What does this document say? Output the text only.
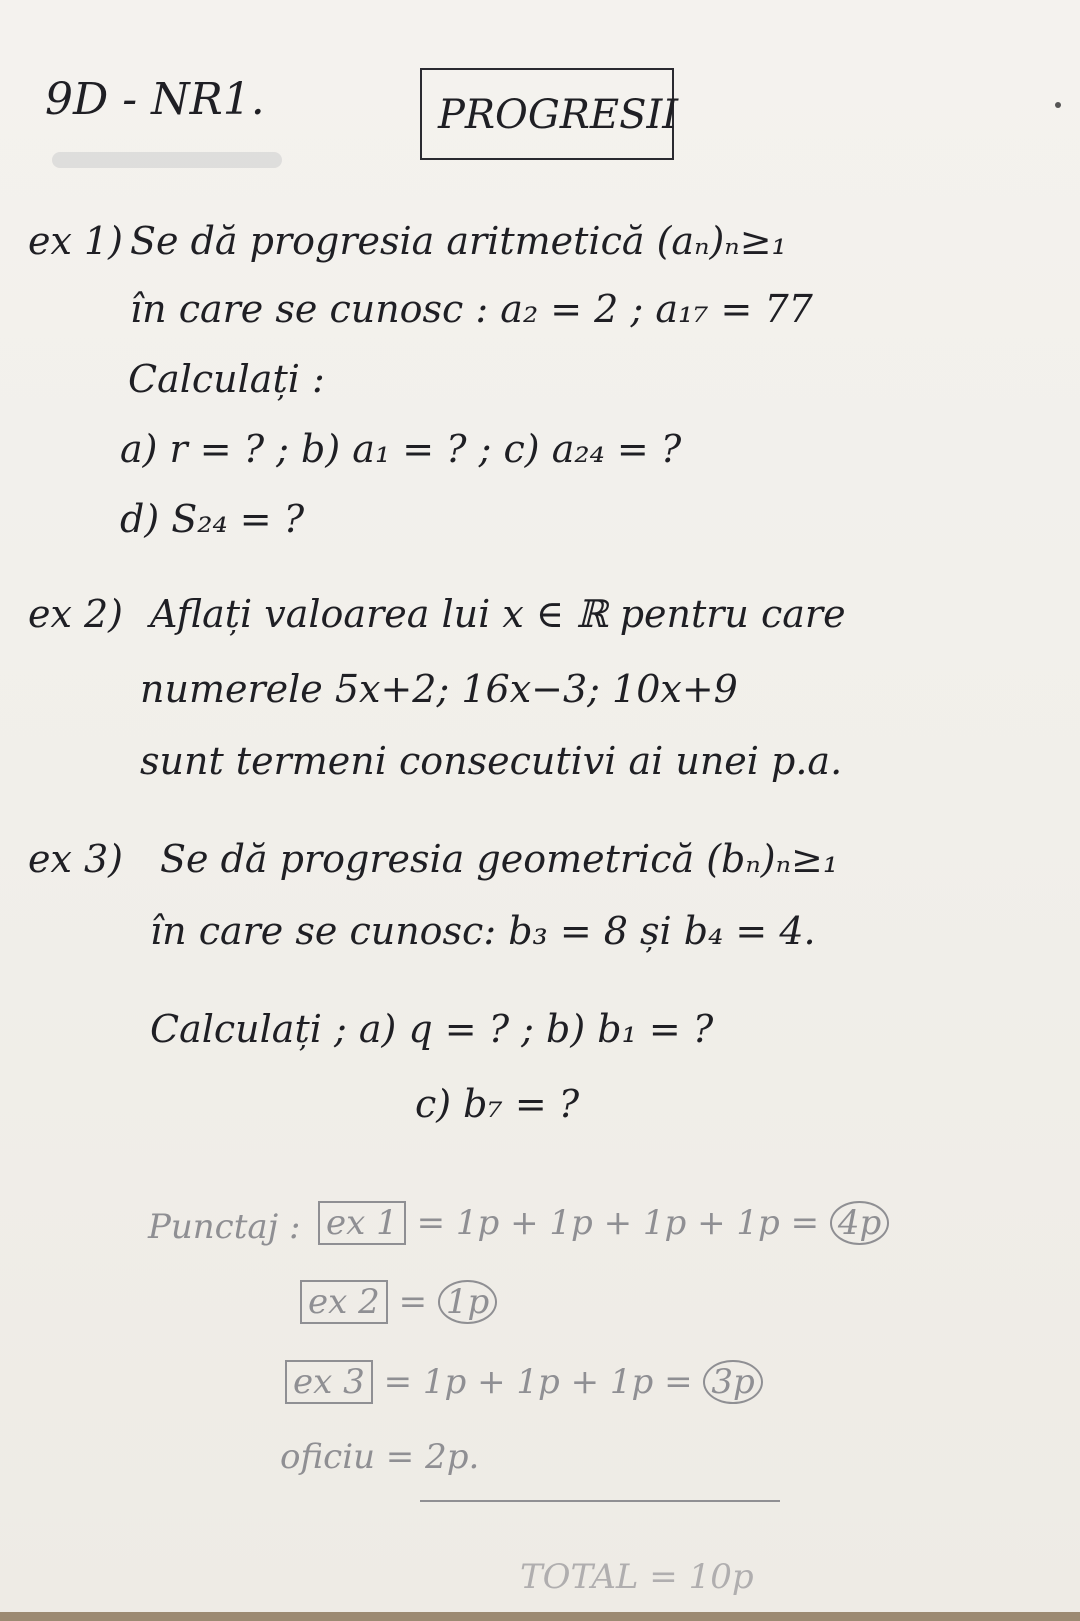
9D - NR1.	PROGRESII
ex 1) Se dă progresia aritmetică (aₙ)ₙ≥₁
în care se cunosc : a₂ = 2 ; a₁₇ = 77
Calculați :
a) r = ? ; b) a₁ = ? ; c) a₂₄ = ?
d) S₂₄ = ?
ex 2) Aflați valoarea lui x ∈ ℝ pentru care
numerele 5x+2; 16x−3; 10x+9
sunt termeni consecutivi ai unei p.a.
ex 3) Se dă progresia geometrică (bₙ)ₙ≥₁
în care se cunosc: b₃ = 8 și b₄ = 4.
Calculați ; a) q = ? ; b) b₁ = ?
c) b₇ = ?
Punctaj : ex 1 = 1p + 1p + 1p + 1p = 4p
ex 2 = 1p
ex 3 = 1p + 1p + 1p = 3p
oficiu = 2p.
TOTAL = 10p
